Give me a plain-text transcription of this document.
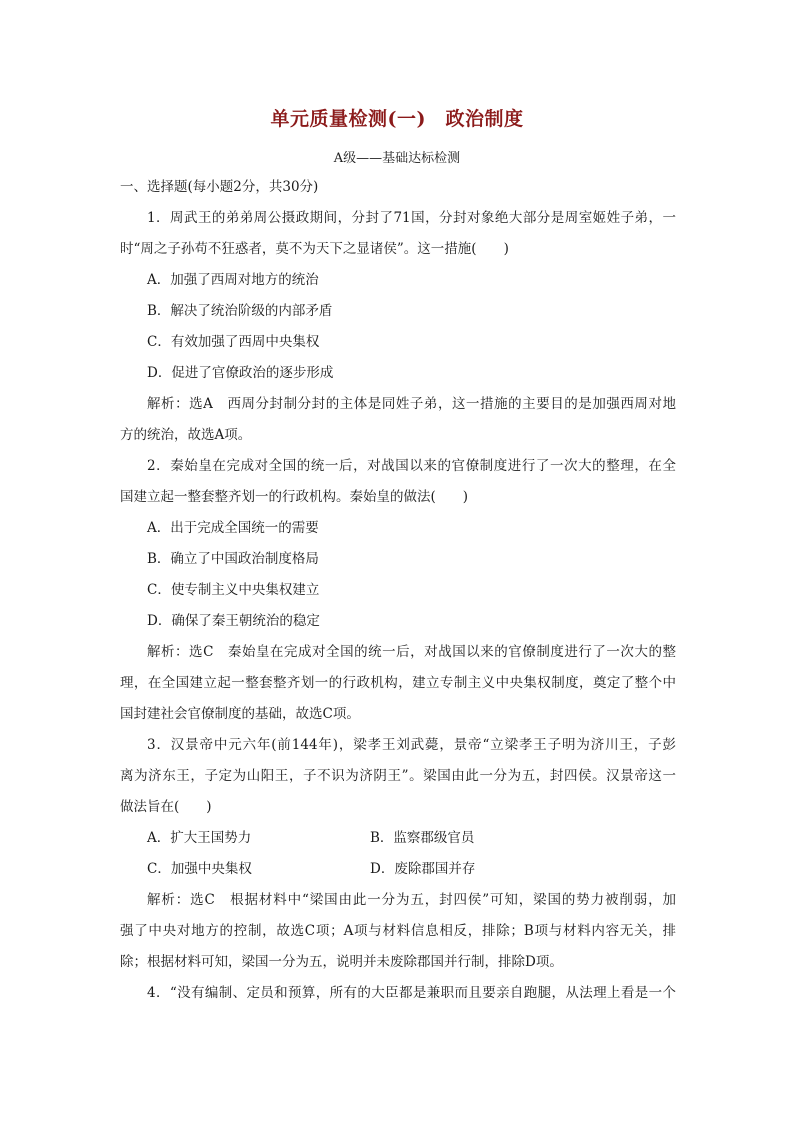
单元质量检测(一)　政治制度
A级——基础达标检测
一、选择题(每小题2分，共30分)
1．周武王的弟弟周公摄政期间，分封了71国，分封对象绝大部分是周室姬姓子弟，一
时“周之子孙苟不狂惑者，莫不为天下之显诸侯”。这一措施(　　)
A．加强了西周对地方的统治
B．解决了统治阶级的内部矛盾
C．有效加强了西周中央集权
D．促进了官僚政治的逐步形成
解析：选A　西周分封制分封的主体是同姓子弟，这一措施的主要目的是加强西周对地
方的统治，故选A项。
2．秦始皇在完成对全国的统一后，对战国以来的官僚制度进行了一次大的整理，在全
国建立起一整套整齐划一的行政机构。秦始皇的做法(　　)
A．出于完成全国统一的需要
B．确立了中国政治制度格局
C．使专制主义中央集权建立
D．确保了秦王朝统治的稳定
解析：选C　秦始皇在完成对全国的统一后，对战国以来的官僚制度进行了一次大的整
理，在全国建立起一整套整齐划一的行政机构，建立专制主义中央集权制度，奠定了整个中
国封建社会官僚制度的基础，故选C项。
3．汉景帝中元六年(前144年)，梁孝王刘武薨，景帝“立梁孝王子明为济川王，子彭
离为济东王，子定为山阳王，子不识为济阴王”。梁国由此一分为五，封四侯。汉景帝这一
做法旨在(　　)
A．扩大王国势力	B．监察郡级官员
C．加强中央集权	D．废除郡国并存
解析：选C　根据材料中“梁国由此一分为五，封四侯”可知，梁国的势力被削弱，加
强了中央对地方的控制，故选C项；A项与材料信息相反，排除；B项与材料内容无关，排
除；根据材料可知，梁国一分为五，说明并未废除郡国并行制，排除D项。
4．“没有编制、定员和预算，所有的大臣都是兼职而且要亲自跑腿，从法理上看是一个
